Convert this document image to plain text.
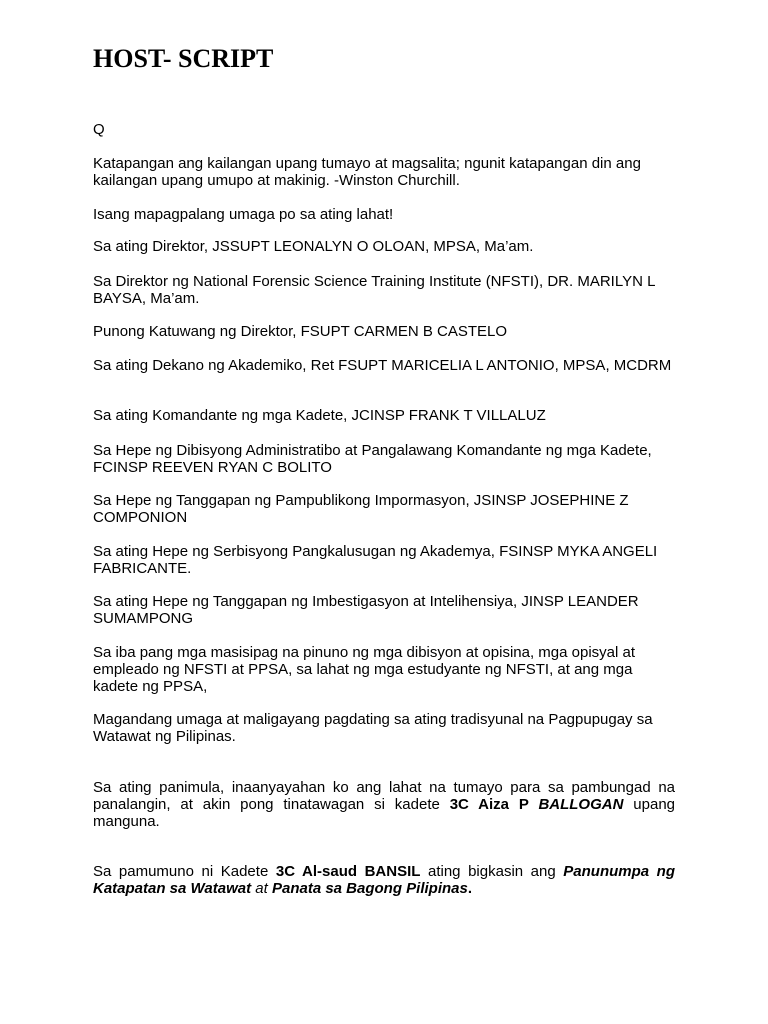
HOST- SCRIPT

Q

Katapangan ang kailangan upang tumayo at magsalita; ngunit katapangan din ang kailangan upang umupo at makinig. -Winston Churchill.

Isang mapagpalang umaga po sa ating lahat!

Sa ating Direktor, JSSUPT LEONALYN O OLOAN, MPSA, Ma’am.

Sa Direktor ng National Forensic Science Training Institute (NFSTI), DR. MARILYN L BAYSA, Ma’am.

Punong Katuwang ng Direktor, FSUPT CARMEN B CASTELO

Sa ating Dekano ng Akademiko, Ret FSUPT MARICELIA L ANTONIO, MPSA, MCDRM

Sa ating Komandante ng mga Kadete, JCINSP FRANK T VILLALUZ

Sa Hepe ng Dibisyong Administratibo at Pangalawang Komandante ng mga Kadete, FCINSP REEVEN RYAN C BOLITO

Sa Hepe ng Tanggapan ng Pampublikong Impormasyon, JSINSP JOSEPHINE Z COMPONION

Sa ating Hepe ng Serbisyong Pangkalusugan ng Akademya, FSINSP MYKA ANGELI FABRICANTE.

Sa ating Hepe ng Tanggapan ng Imbestigasyon at Intelihensiya, JINSP LEANDER SUMAMPONG

Sa iba pang mga masisipag na pinuno ng mga dibisyon at opisina, mga opisyal at empleado ng NFSTI at PPSA, sa lahat ng mga estudyante ng NFSTI, at ang mga kadete ng PPSA,

Magandang umaga at maligayang pagdating sa ating tradisyunal na Pagpupugay sa Watawat ng Pilipinas.

Sa ating panimula, inaanyayahan ko ang lahat na tumayo para sa pambungad na panalangin, at akin pong tinatawagan si kadete 3C Aiza P BALLOGAN upang manguna.

Sa pamumuno ni Kadete 3C Al-saud BANSIL ating bigkasin ang Panunumpa ng Katapatan sa Watawat at Panata sa Bagong Pilipinas.
